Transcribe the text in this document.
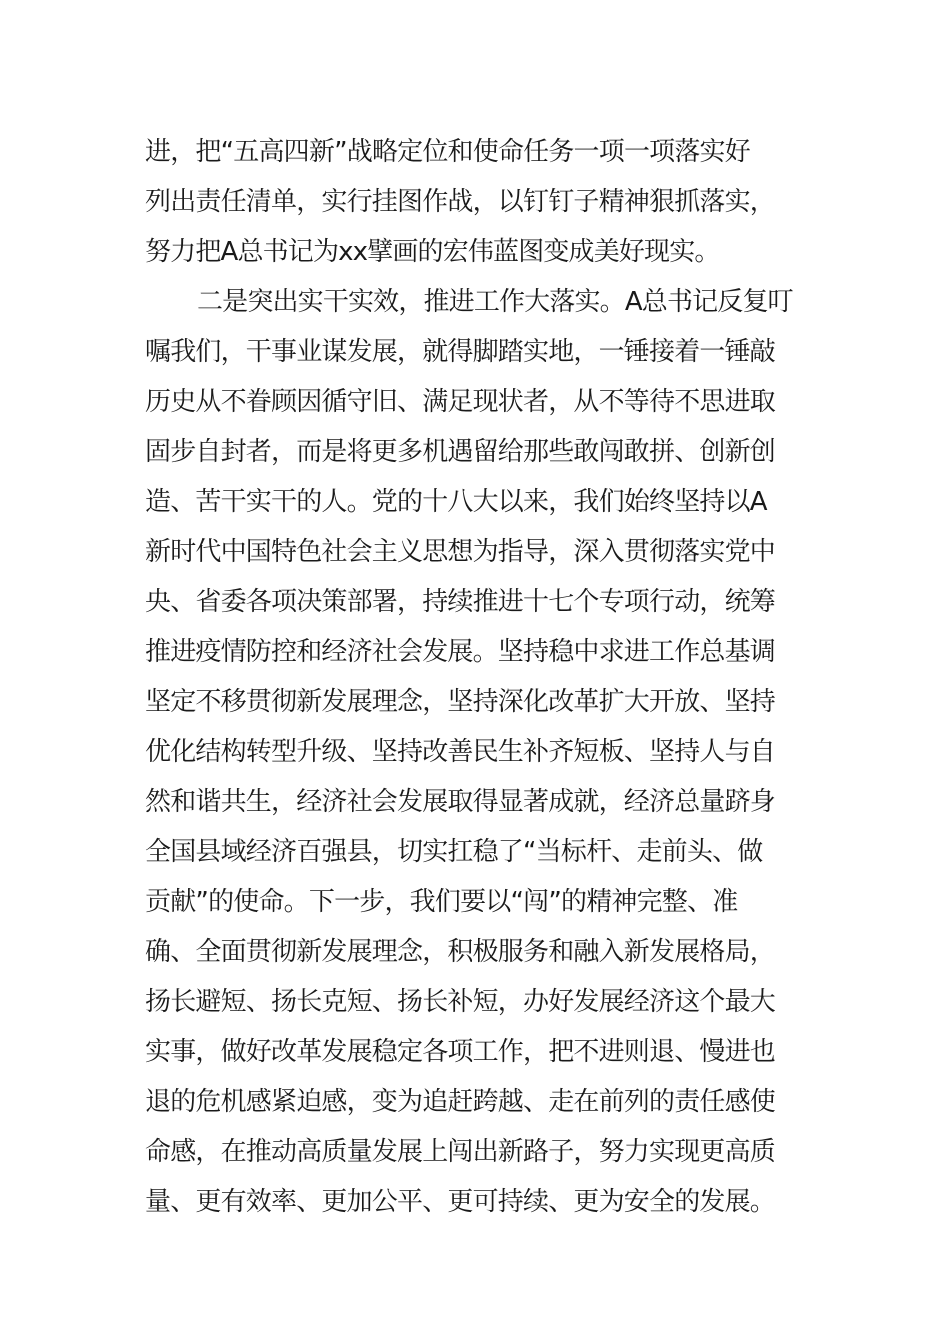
进，把“五高四新”战略定位和使命任务一项一项落实好
列出责任清单，实行挂图作战，以钉钉子精神狠抓落实，
努力把A总书记为xx擘画的宏伟蓝图变成美好现实。
二是突出实干实效，推进工作大落实。A总书记反复叮
嘱我们，干事业谋发展，就得脚踏实地，一锤接着一锤敲
历史从不眷顾因循守旧、满足现状者，从不等待不思进取
固步自封者，而是将更多机遇留给那些敢闯敢拼、创新创
造、苦干实干的人。党的十八大以来，我们始终坚持以A
新时代中国特色社会主义思想为指导，深入贯彻落实党中
央、省委各项决策部署，持续推进十七个专项行动，统筹
推进疫情防控和经济社会发展。坚持稳中求进工作总基调
坚定不移贯彻新发展理念，坚持深化改革扩大开放、坚持
优化结构转型升级、坚持改善民生补齐短板、坚持人与自
然和谐共生，经济社会发展取得显著成就，经济总量跻身
全国县域经济百强县，切实扛稳了“当标杆、走前头、做
贡献”的使命。下一步，我们要以“闯”的精神完整、准
确、全面贯彻新发展理念，积极服务和融入新发展格局，
扬长避短、扬长克短、扬长补短，办好发展经济这个最大
实事，做好改革发展稳定各项工作，把不进则退、慢进也
退的危机感紧迫感，变为追赶跨越、走在前列的责任感使
命感，在推动高质量发展上闯出新路子，努力实现更高质
量、更有效率、更加公平、更可持续、更为安全的发展。
